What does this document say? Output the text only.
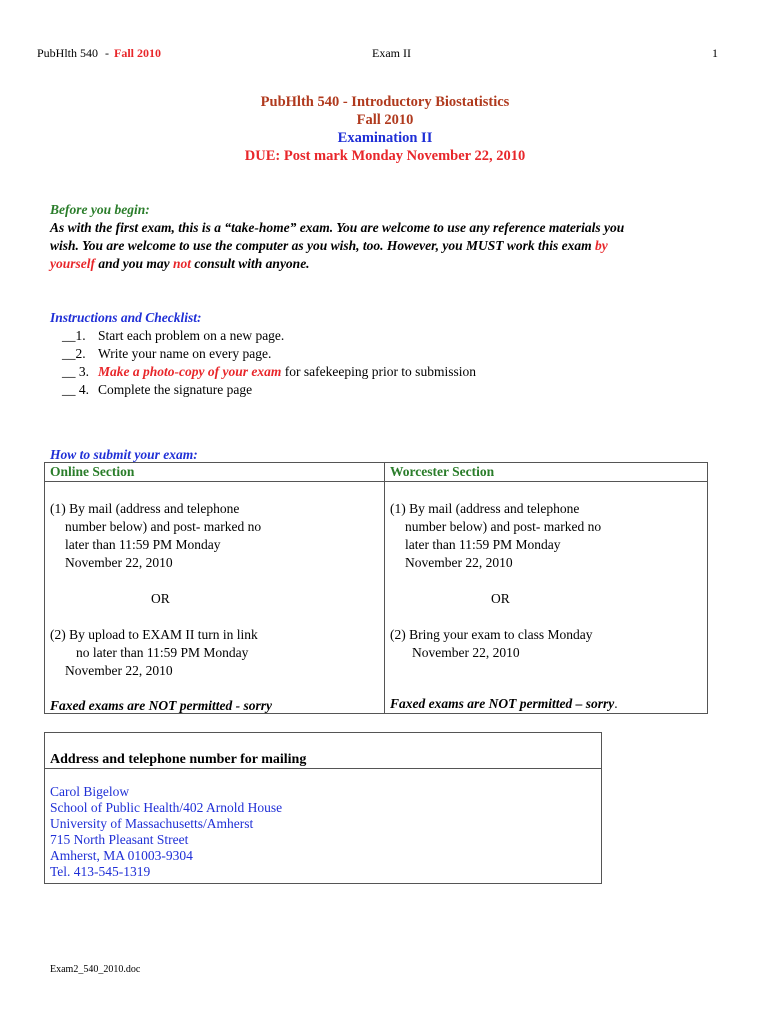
PubHlth 540 - Fall 2010	Exam II	1
PubHlth 540 - Introductory Biostatistics
Fall 2010
Examination II
DUE: Post mark Monday November 22, 2010
Before you begin:
As with the first exam, this is a “take-home” exam. You are welcome to use any reference materials you
wish. You are welcome to use the computer as you wish, too. However, you MUST work this exam by
yourself and you may not consult with anyone.
Instructions and Checklist:
__1. Start each problem on a new page.
__2. Write your name on every page.
__ 3. Make a photo-copy of your exam for safekeeping prior to submission
__ 4. Complete the signature page
How to submit your exam:
Online Section
(1) By mail (address and telephone
number below) and post- marked no
later than 11:59 PM Monday
November 22, 2010
OR
(2) By upload to EXAM II turn in link
no later than 11:59 PM Monday
November 22, 2010
Faxed exams are NOT permitted - sorry
Worcester Section
(1) By mail (address and telephone
number below) and post- marked no
later than 11:59 PM Monday
November 22, 2010
OR
(2) Bring your exam to class Monday
November 22, 2010
Faxed exams are NOT permitted – sorry.
Address and telephone number for mailing
Carol Bigelow
School of Public Health/402 Arnold House
University of Massachusetts/Amherst
715 North Pleasant Street
Amherst, MA 01003-9304
Tel. 413-545-1319
Exam2_540_2010.doc
